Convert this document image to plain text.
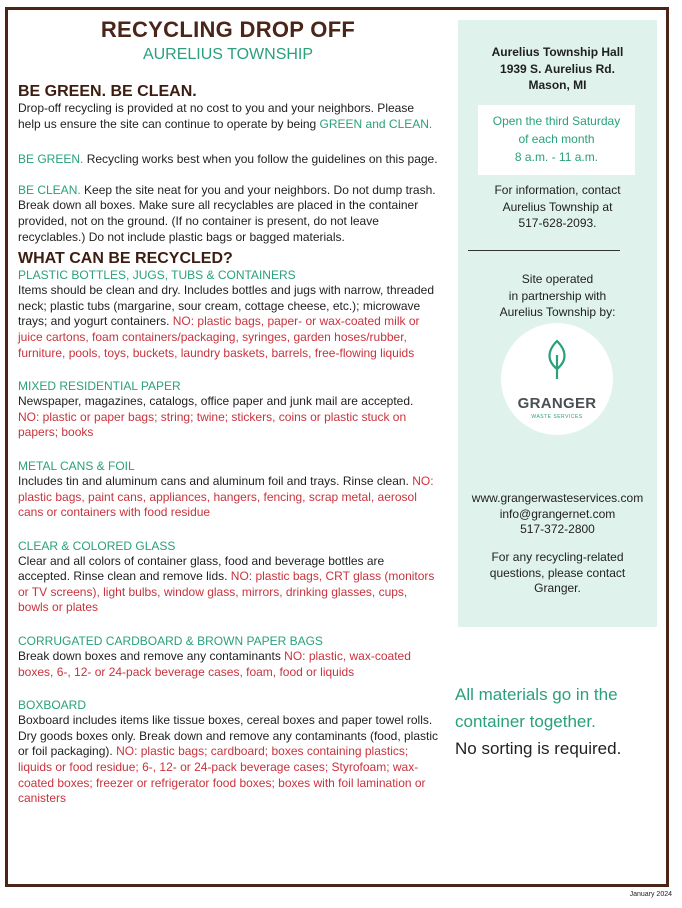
RECYCLING DROP OFF
AURELIUS TOWNSHIP
BE GREEN. BE CLEAN.

Drop-off recycling is provided at no cost to you and your neighbors. Please help us ensure the site can continue to operate by being GREEN and CLEAN.

BE GREEN. Recycling works best when you follow the guidelines on this page.

BE CLEAN. Keep the site neat for you and your neighbors. Do not dump trash. Break down all boxes. Make sure all recyclables are placed in the container provided, not on the ground. (If no container is present, do not leave recyclables.) Do not include plastic bags or bagged materials.

WHAT CAN BE RECYCLED?

PLASTIC BOTTLES, JUGS, TUBS & CONTAINERS

Items should be clean and dry. Includes bottles and jugs with narrow, threaded neck; plastic tubs (margarine, sour cream, cottage cheese, etc.); microwave trays; and yogurt containers. NO: plastic bags, paper- or wax-coated milk or juice cartons, foam containers/packaging, syringes, garden hoses/rubber, furniture, pools, toys, buckets, laundry baskets, barrels, free-flowing liquids

MIXED RESIDENTIAL PAPER

Newspaper, magazines, catalogs, office paper and junk mail are accepted. NO: plastic or paper bags; string; twine; stickers, coins or plastic stuck on papers; books

METAL CANS & FOIL

Includes tin and aluminum cans and aluminum foil and trays. Rinse clean. NO: plastic bags, paint cans, appliances, hangers, fencing, scrap metal, aerosol cans or containers with food residue

CLEAR & COLORED GLASS

Clear and all colors of container glass, food and beverage bottles are accepted. Rinse clean and remove lids. NO: plastic bags, CRT glass (monitors or TV screens), light bulbs, window glass, mirrors, drinking glasses, cups, bowls or plates

CORRUGATED CARDBOARD & BROWN PAPER BAGS

Break down boxes and remove any contaminants NO: plastic, wax-coated boxes, 6-, 12- or 24-pack beverage cases, foam, food or liquids

BOXBOARD

Boxboard includes items like tissue boxes, cereal boxes and paper towel rolls. Dry goods boxes only. Break down and remove any contaminants (food, plastic or foil packaging). NO: plastic bags; cardboard; boxes containing plastics; liquids or food residue; 6-, 12- or 24-pack beverage cases; Styrofoam; wax-coated boxes; freezer or refrigerator food boxes; boxes with foil lamination or canisters

Aurelius Township Hall
1939 S. Aurelius Rd.
Mason, MI
Open the third Saturday
of each month
8 a.m. - 11 a.m.
For information, contact
Aurelius Township at
517-628-2093.
Site operated
in partnership with
Aurelius Township by:
GRANGER
WASTE SERVICES
www.grangerwasteservices.com
info@grangernet.com
517-372-2800
For any recycling-related
questions, please contact
Granger.
All materials go in the
container together.
No sorting is required.
January 2024
